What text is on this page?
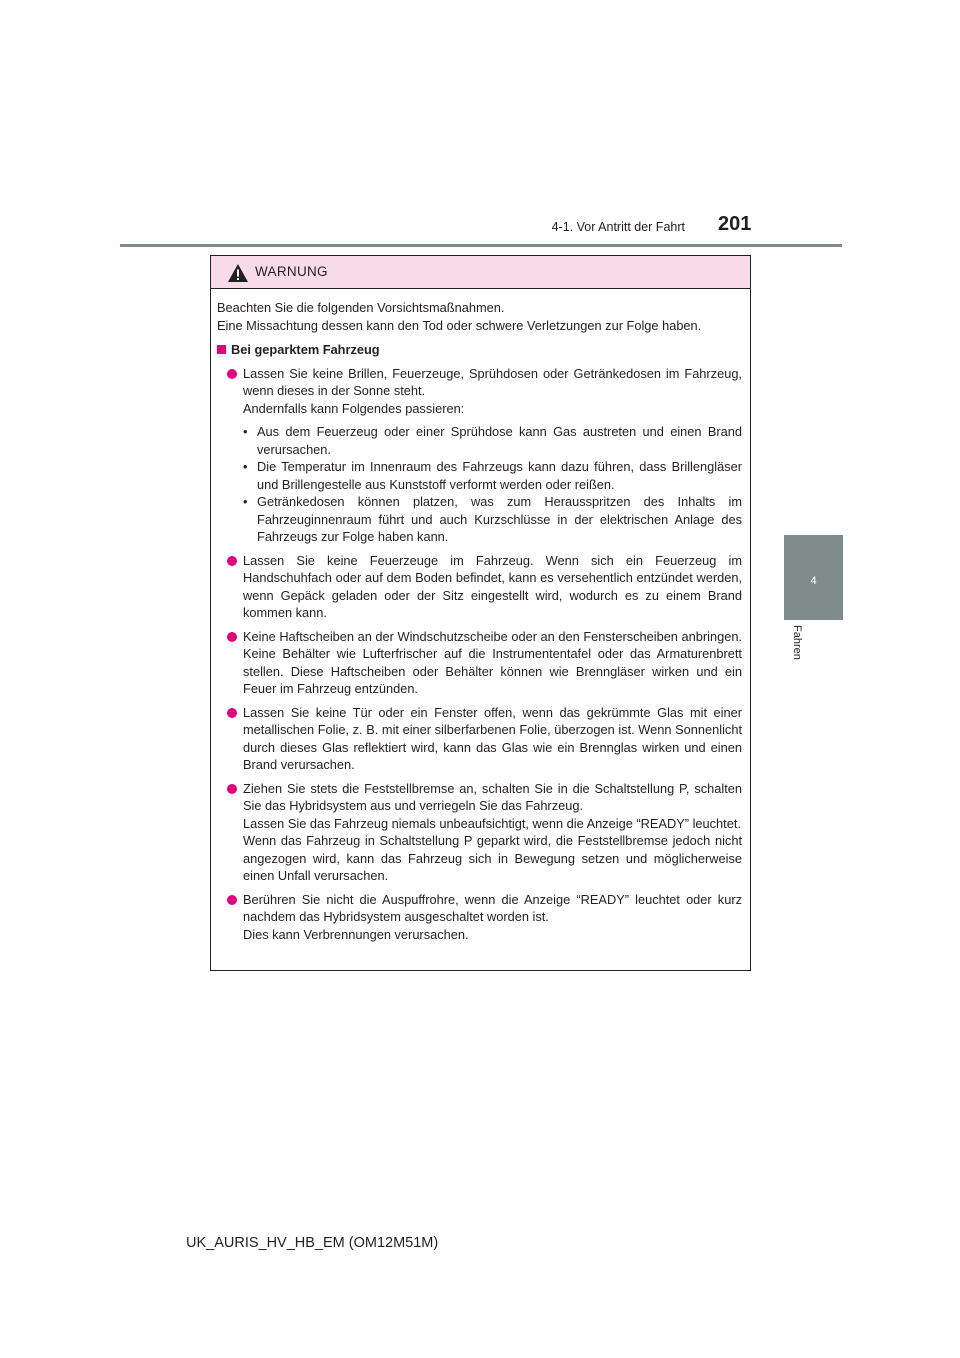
4-1. Vor Antritt der Fahrt 201
4
Fahren
WARNUNG

Beachten Sie die folgenden Vorsichtsmaßnahmen.

Eine Missachtung dessen kann den Tod oder schwere Verletzungen zur Folge haben.

Bei geparktem Fahrzeug

Lassen Sie keine Brillen, Feuerzeuge, Sprühdosen oder Getränkedosen im Fahrzeug, wenn dieses in der Sonne steht.

Andernfalls kann Folgendes passieren:

• Aus dem Feuerzeug oder einer Sprühdose kann Gas austreten und einen Brand verursachen.
• Die Temperatur im Innenraum des Fahrzeugs kann dazu führen, dass Brillengläser und Brillengestelle aus Kunststoff verformt werden oder reißen.
• Getränkedosen können platzen, was zum Herausspritzen des Inhalts im Fahrzeuginnenraum führt und auch Kurzschlüsse in der elektrischen Anlage des Fahrzeugs zur Folge haben kann.

Lassen Sie keine Feuerzeuge im Fahrzeug. Wenn sich ein Feuerzeug im Handschuhfach oder auf dem Boden befindet, kann es versehentlich entzündet werden, wenn Gepäck geladen oder der Sitz eingestellt wird, wodurch es zu einem Brand kommen kann.

Keine Haftscheiben an der Windschutzscheibe oder an den Fensterscheiben anbringen. Keine Behälter wie Lufterfrischer auf die Instrumententafel oder das Armaturenbrett stellen. Diese Haftscheiben oder Behälter können wie Brenngläser wirken und ein Feuer im Fahrzeug entzünden.

Lassen Sie keine Tür oder ein Fenster offen, wenn das gekrümmte Glas mit einer metallischen Folie, z. B. mit einer silberfarbenen Folie, überzogen ist. Wenn Sonnenlicht durch dieses Glas reflektiert wird, kann das Glas wie ein Brennglas wirken und einen Brand verursachen.

Ziehen Sie stets die Feststellbremse an, schalten Sie in die Schaltstellung P, schalten Sie das Hybridsystem aus und verriegeln Sie das Fahrzeug.

Lassen Sie das Fahrzeug niemals unbeaufsichtigt, wenn die Anzeige “READY” leuchtet.

Wenn das Fahrzeug in Schaltstellung P geparkt wird, die Feststellbremse jedoch nicht angezogen wird, kann das Fahrzeug sich in Bewegung setzen und möglicherweise einen Unfall verursachen.

Berühren Sie nicht die Auspuffrohre, wenn die Anzeige “READY” leuchtet oder kurz nachdem das Hybridsystem ausgeschaltet worden ist.

Dies kann Verbrennungen verursachen.

UK_AURIS_HV_HB_EM (OM12M51M)
